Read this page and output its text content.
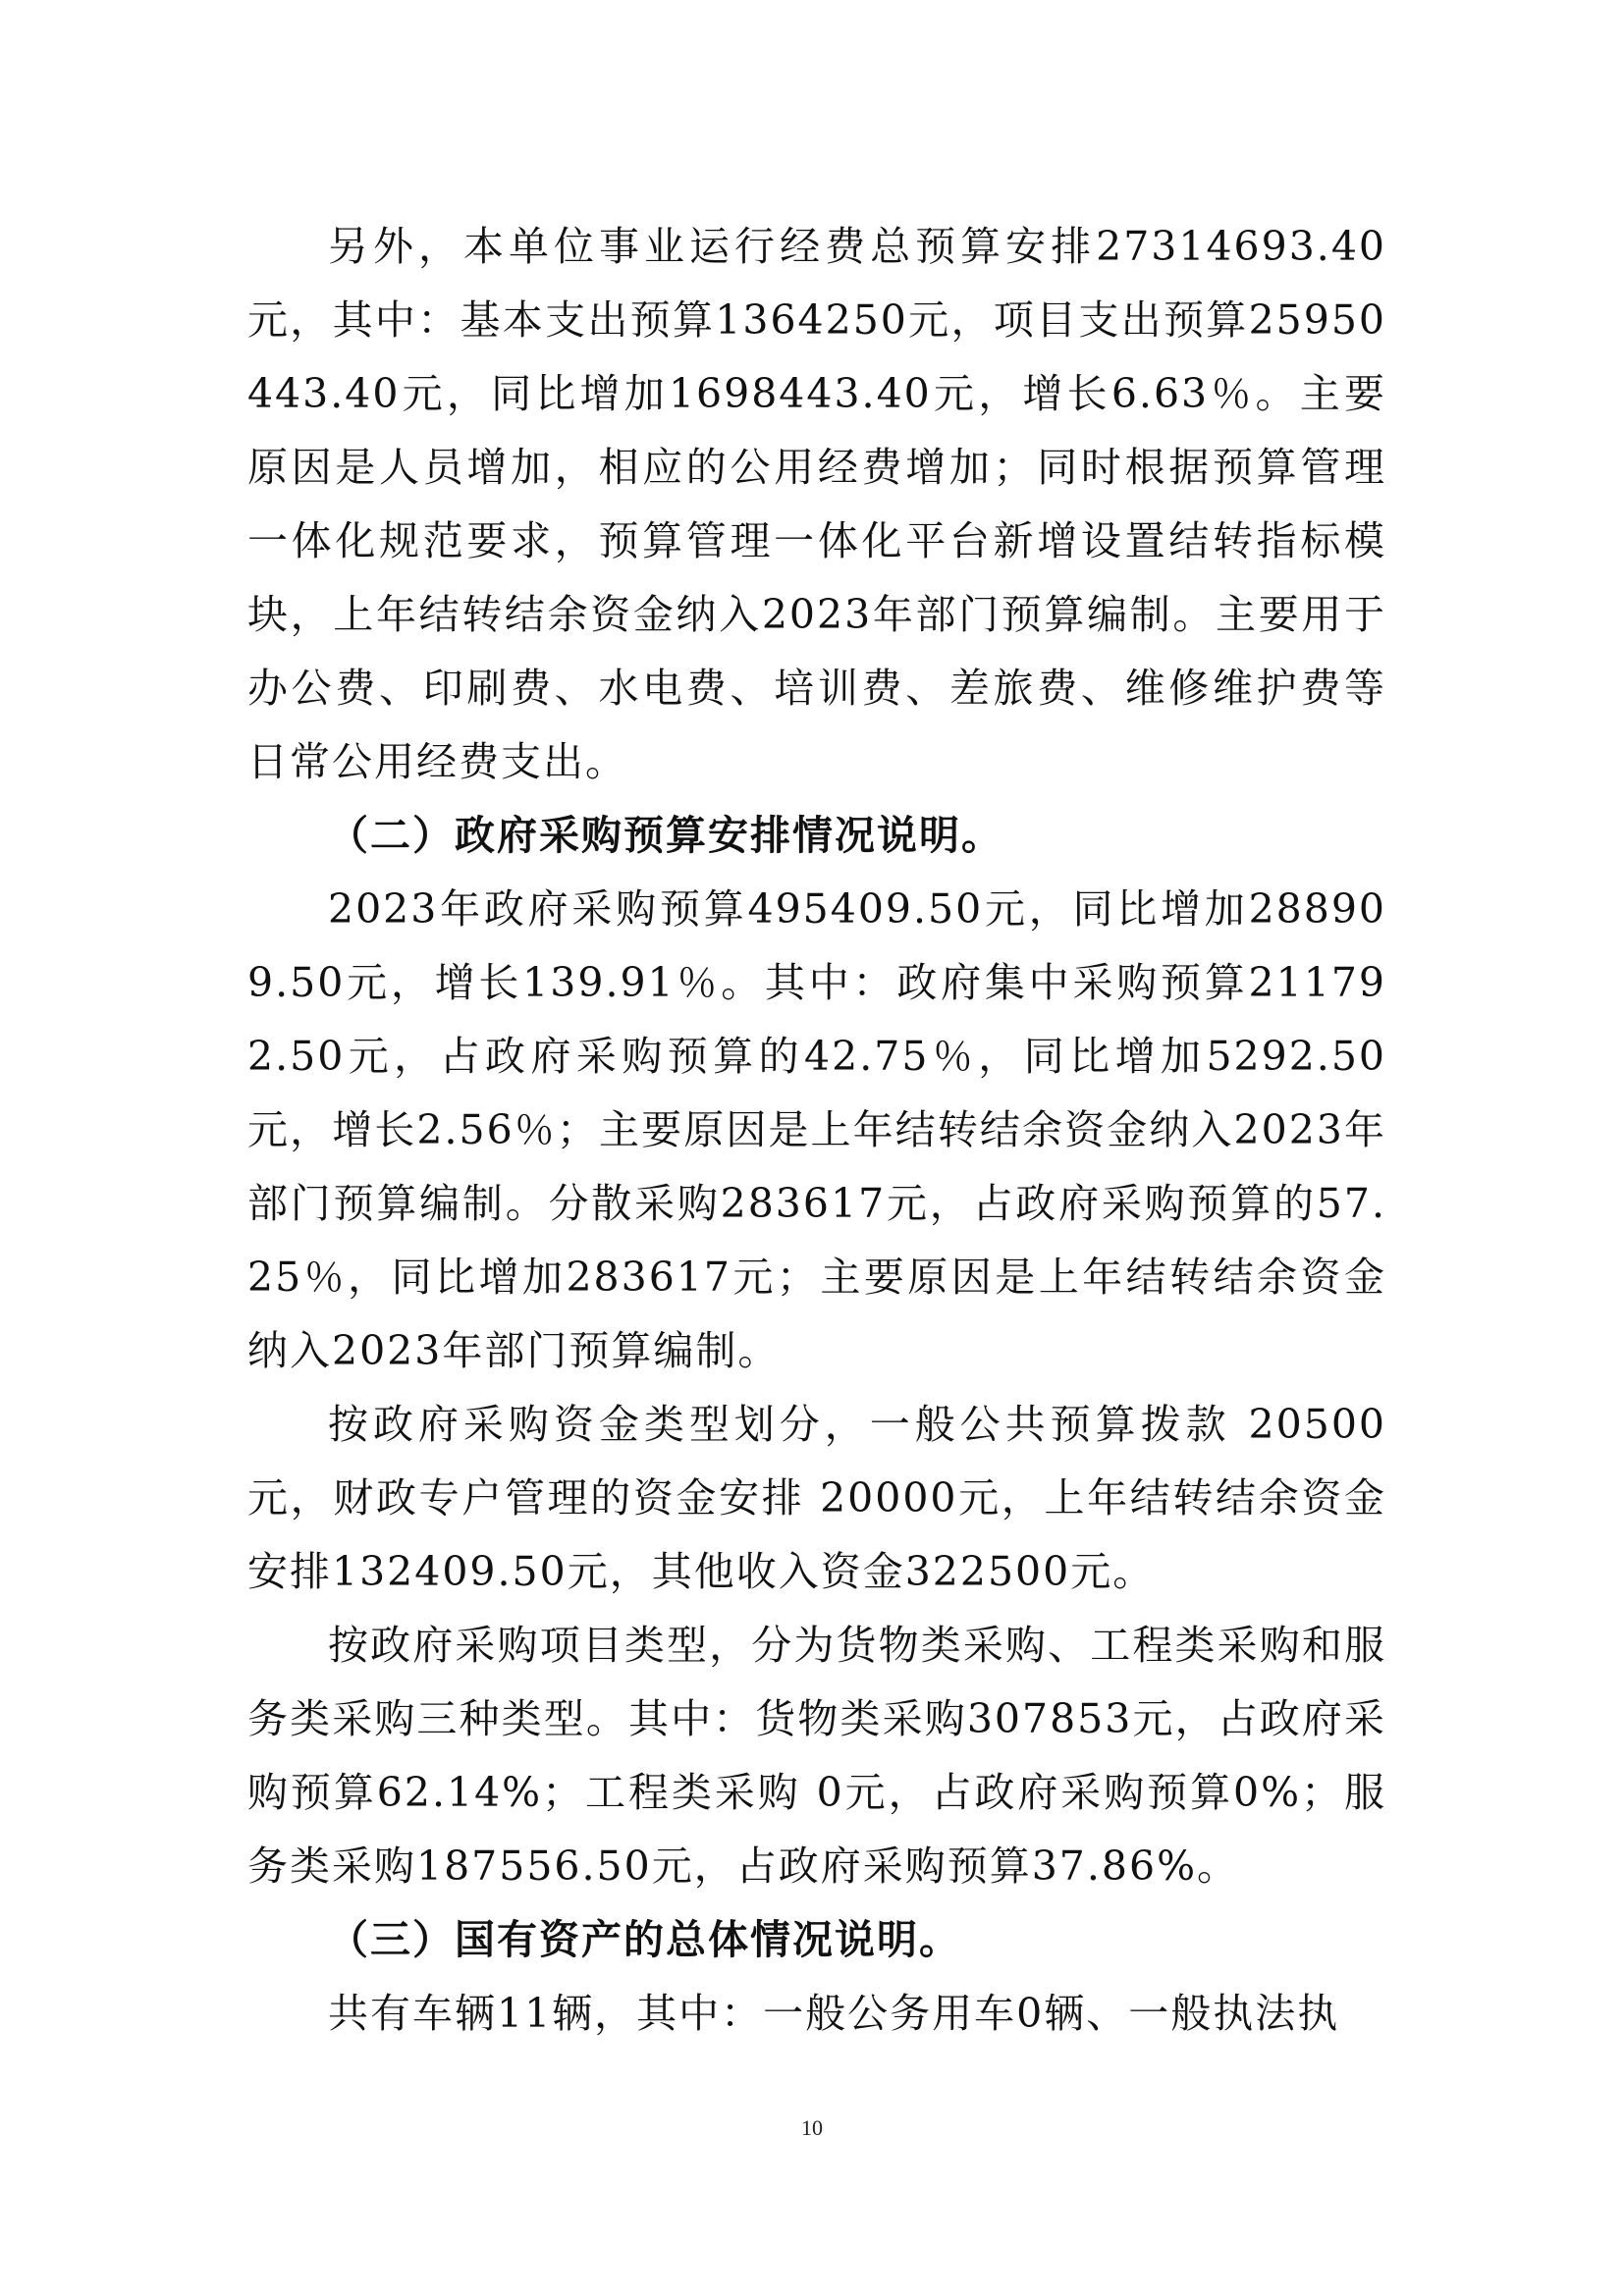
另外，本单位事业运行经费总预算安排27314693.40元，其中：基本支出预算1364250元，项目支出预算25950443.40元，同比增加1698443.40元，增长6.63％。主要原因是人员增加，相应的公用经费增加；同时根据预算管理一体化规范要求，预算管理一体化平台新增设置结转指标模块，上年结转结余资金纳入2023年部门预算编制。主要用于办公费、印刷费、水电费、培训费、差旅费、维修维护费等日常公用经费支出。

（二）政府采购预算安排情况说明。

2023年政府采购预算495409.50元，同比增加288909.50元，增长139.91％。其中：政府集中采购预算211792.50元，占政府采购预算的42.75％，同比增加5292.50元，增长2.56％；主要原因是上年结转结余资金纳入2023年部门预算编制。分散采购283617元，占政府采购预算的57.25％，同比增加283617元；主要原因是上年结转结余资金纳入2023年部门预算编制。

按政府采购资金类型划分，一般公共预算拨款 20500元，财政专户管理的资金安排 20000元，上年结转结余资金安排132409.50元，其他收入资金322500元。

按政府采购项目类型，分为货物类采购、工程类采购和服务类采购三种类型。其中：货物类采购307853元，占政府采购预算62.14%；工程类采购 0元，占政府采购预算0%；服务类采购187556.50元，占政府采购预算37.86%。

（三）国有资产的总体情况说明。

共有车辆11辆，其中：一般公务用车0辆、一般执法执

10
